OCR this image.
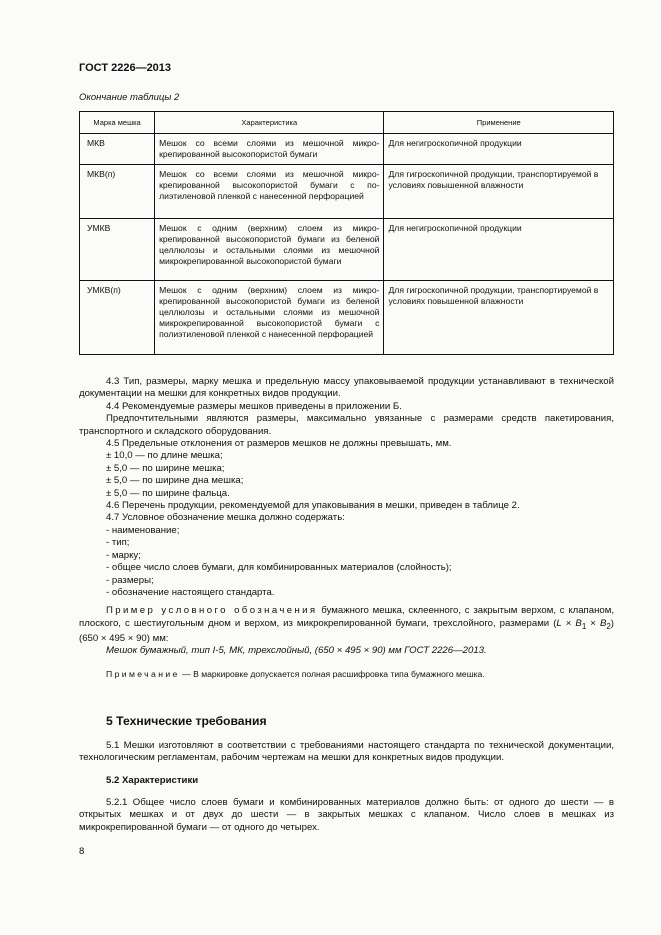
ГОСТ 2226—2013
Окончание таблицы 2
Марка мешка	Характеристика	Применение
МКВ	Мешок со всеми слоями из мешочной микрокрепированной высокопористой бумаги	Для негигроскопичной продукции
МКВ(п)	Мешок со всеми слоями из мешочной микрокрепированной высокопористой бумаги с полиэтиленовой пленкой с нанесенной перфорацией	Для гигроскопичной продукции, транспортируемой в условиях повышенной влажности
УМКВ	Мешок с одним (верхним) слоем из микрокрепированной высокопористой бумаги из беленой целлюлозы и остальными слоями из мешочной микрокрепированной высокопористой бумаги	Для негигроскопичной продукции
УМКВ(п)	Мешок с одним (верхним) слоем из микрокрепированной высокопористой бумаги из беленой целлюлозы и остальными слоями из мешочной микрокрепированной высокопористой бумаги с полиэтиленовой пленкой с нанесенной перфорацией	Для гигроскопичной продукции, транспортируемой в условиях повышенной влажности

4.3 Тип, размеры, марку мешка и предельную массу упаковываемой продукции устанавливают в технической документации на мешки для конкретных видов продукции.

4.4 Рекомендуемые размеры мешков приведены в приложении Б.

Предпочтительными являются размеры, максимально увязанные с размерами средств пакетирования, транспортного и складского оборудования.

4.5 Предельные отклонения от размеров мешков не должны превышать, мм.

± 10,0 — по длине мешка;

± 5,0 — по ширине мешка;

± 5,0 — по ширине дна мешка;

± 5,0 — по ширине фальца.

4.6 Перечень продукции, рекомендуемой для упаковывания в мешки, приведен в таблице 2.

4.7 Условное обозначение мешка должно содержать:

- наименование;

- тип;

- марку;

- общее число слоев бумаги, для комбинированных материалов (слойность);

- размеры;

- обозначение настоящего стандарта.

Пример условного обозначения бумажного мешка, склеенного, с закрытым верхом, с клапаном, плоского, с шестиугольным дном и верхом, из микрокрепированной бумаги, трехслойного, размерами $(L \times B_1 \times B_2)$ (650 × 495 × 90) мм:

Мешок бумажный, тип I-5, МК, трехслойный, (650 × 495 × 90) мм ГОСТ 2226—2013.

Примечание — В маркировке допускается полная расшифровка типа бумажного мешка.

5 Технические требования

5.1 Мешки изготовляют в соответствии с требованиями настоящего стандарта по технической документации, технологическим регламентам, рабочим чертежам на мешки для конкретных видов продукции.

5.2 Характеристики

5.2.1 Общее число слоев бумаги и комбинированных материалов должно быть: от одного до шести — в открытых мешках и от двух до шести — в закрытых мешках с клапаном. Число слоев в мешках из микрокрепированной бумаги — от одного до четырех.

8
